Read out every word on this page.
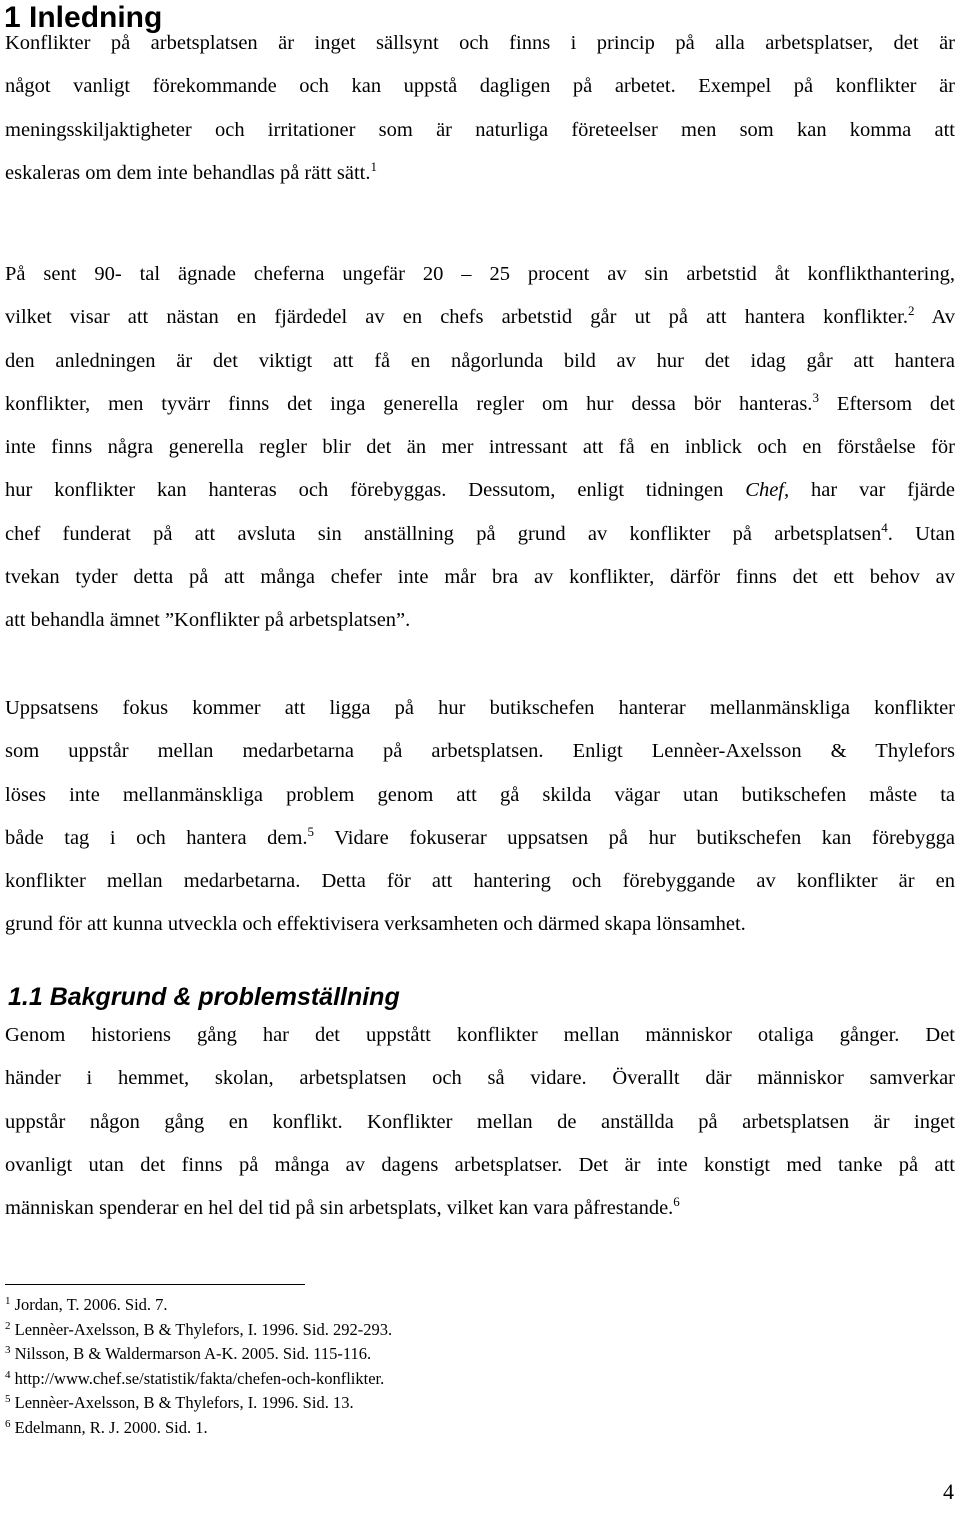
1 Inledning

Konflikter på arbetsplatsen är inget sällsynt och finns i princip på alla arbetsplatser, det är
något vanligt förekommande och kan uppstå dagligen på arbetet. Exempel på konflikter är
meningsskiljaktigheter och irritationer som är naturliga företeelser men som kan komma att
eskaleras om dem inte behandlas på rätt sätt.$^1$

På sent 90- tal ägnade cheferna ungefär 20 – 25 procent av sin arbetstid åt konflikthantering,
vilket visar att nästan en fjärdedel av en chefs arbetstid går ut på att hantera konflikter.$^2$ Av
den anledningen är det viktigt att få en någorlunda bild av hur det idag går att hantera
konflikter, men tyvärr finns det inga generella regler om hur dessa bör hanteras.$^3$ Eftersom det
inte finns några generella regler blir det än mer intressant att få en inblick och en förståelse för
hur konflikter kan hanteras och förebyggas. Dessutom, enligt tidningen Chef, har var fjärde
chef funderat på att avsluta sin anställning på grund av konflikter på arbetsplatsen$^4$. Utan
tvekan tyder detta på att många chefer inte mår bra av konflikter, därför finns det ett behov av
att behandla ämnet ”Konflikter på arbetsplatsen”.

Uppsatsens fokus kommer att ligga på hur butikschefen hanterar mellanmänskliga konflikter
som uppstår mellan medarbetarna på arbetsplatsen. Enligt Lennèer-Axelsson & Thylefors
löses inte mellanmänskliga problem genom att gå skilda vägar utan butikschefen måste ta
både tag i och hantera dem.$^5$ Vidare fokuserar uppsatsen på hur butikschefen kan förebygga
konflikter mellan medarbetarna. Detta för att hantering och förebyggande av konflikter är en
grund för att kunna utveckla och effektivisera verksamheten och därmed skapa lönsamhet.

1.1 Bakgrund & problemställning

Genom historiens gång har det uppstått konflikter mellan människor otaliga gånger. Det
händer i hemmet, skolan, arbetsplatsen och så vidare. Överallt där människor samverkar
uppstår någon gång en konflikt. Konflikter mellan de anställda på arbetsplatsen är inget
ovanligt utan det finns på många av dagens arbetsplatser. Det är inte konstigt med tanke på att
människan spenderar en hel del tid på sin arbetsplats, vilket kan vara påfrestande.$^6$

$^1$ Jordan, T. 2006. Sid. 7.
$^2$ Lennèer-Axelsson, B & Thylefors, I. 1996. Sid. 292-293.
$^3$ Nilsson, B & Waldermarson A-K. 2005. Sid. 115-116.
$^4$ http://www.chef.se/statistik/fakta/chefen-och-konflikter.
$^5$ Lennèer-Axelsson, B & Thylefors, I. 1996. Sid. 13.
$^6$ Edelmann, R. J. 2000. Sid. 1.
4
